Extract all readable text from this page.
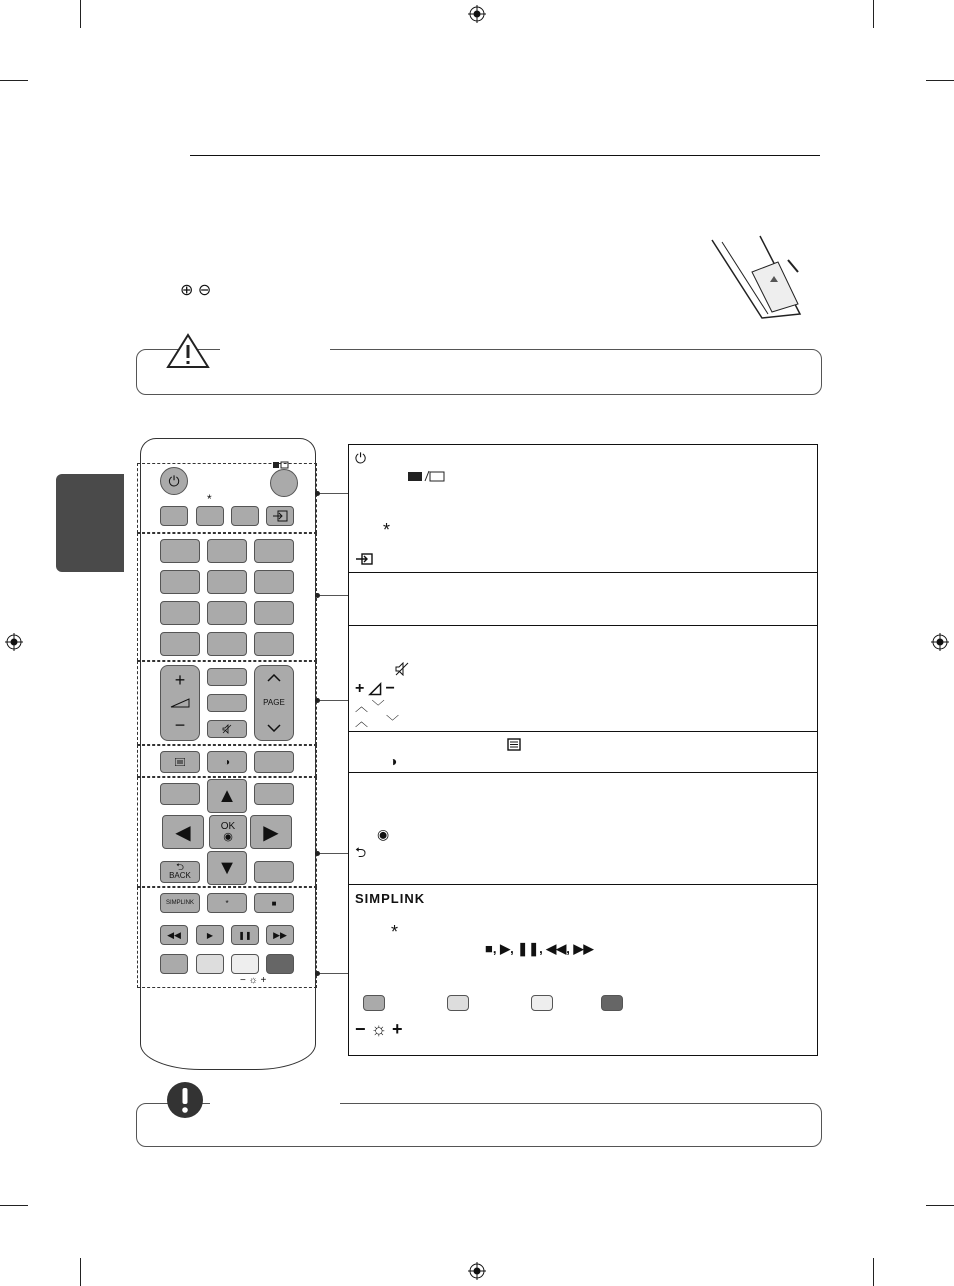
⊕ ⊖
⏻
*
+
−
PAGE
◑
⮌
BACK
▲
▼
◀	▶
OK
◉
SIMPLINK	*	■
◀◀	▶	❚❚ ▶▶
− ☼ +
⏻
*
+ ◿ −
︿ ﹀
︿     ﹀
◑
◉
⮌
SIMPLINK
*
■, ▶, ❚❚, ◀◀, ▶▶
− ☼ +
